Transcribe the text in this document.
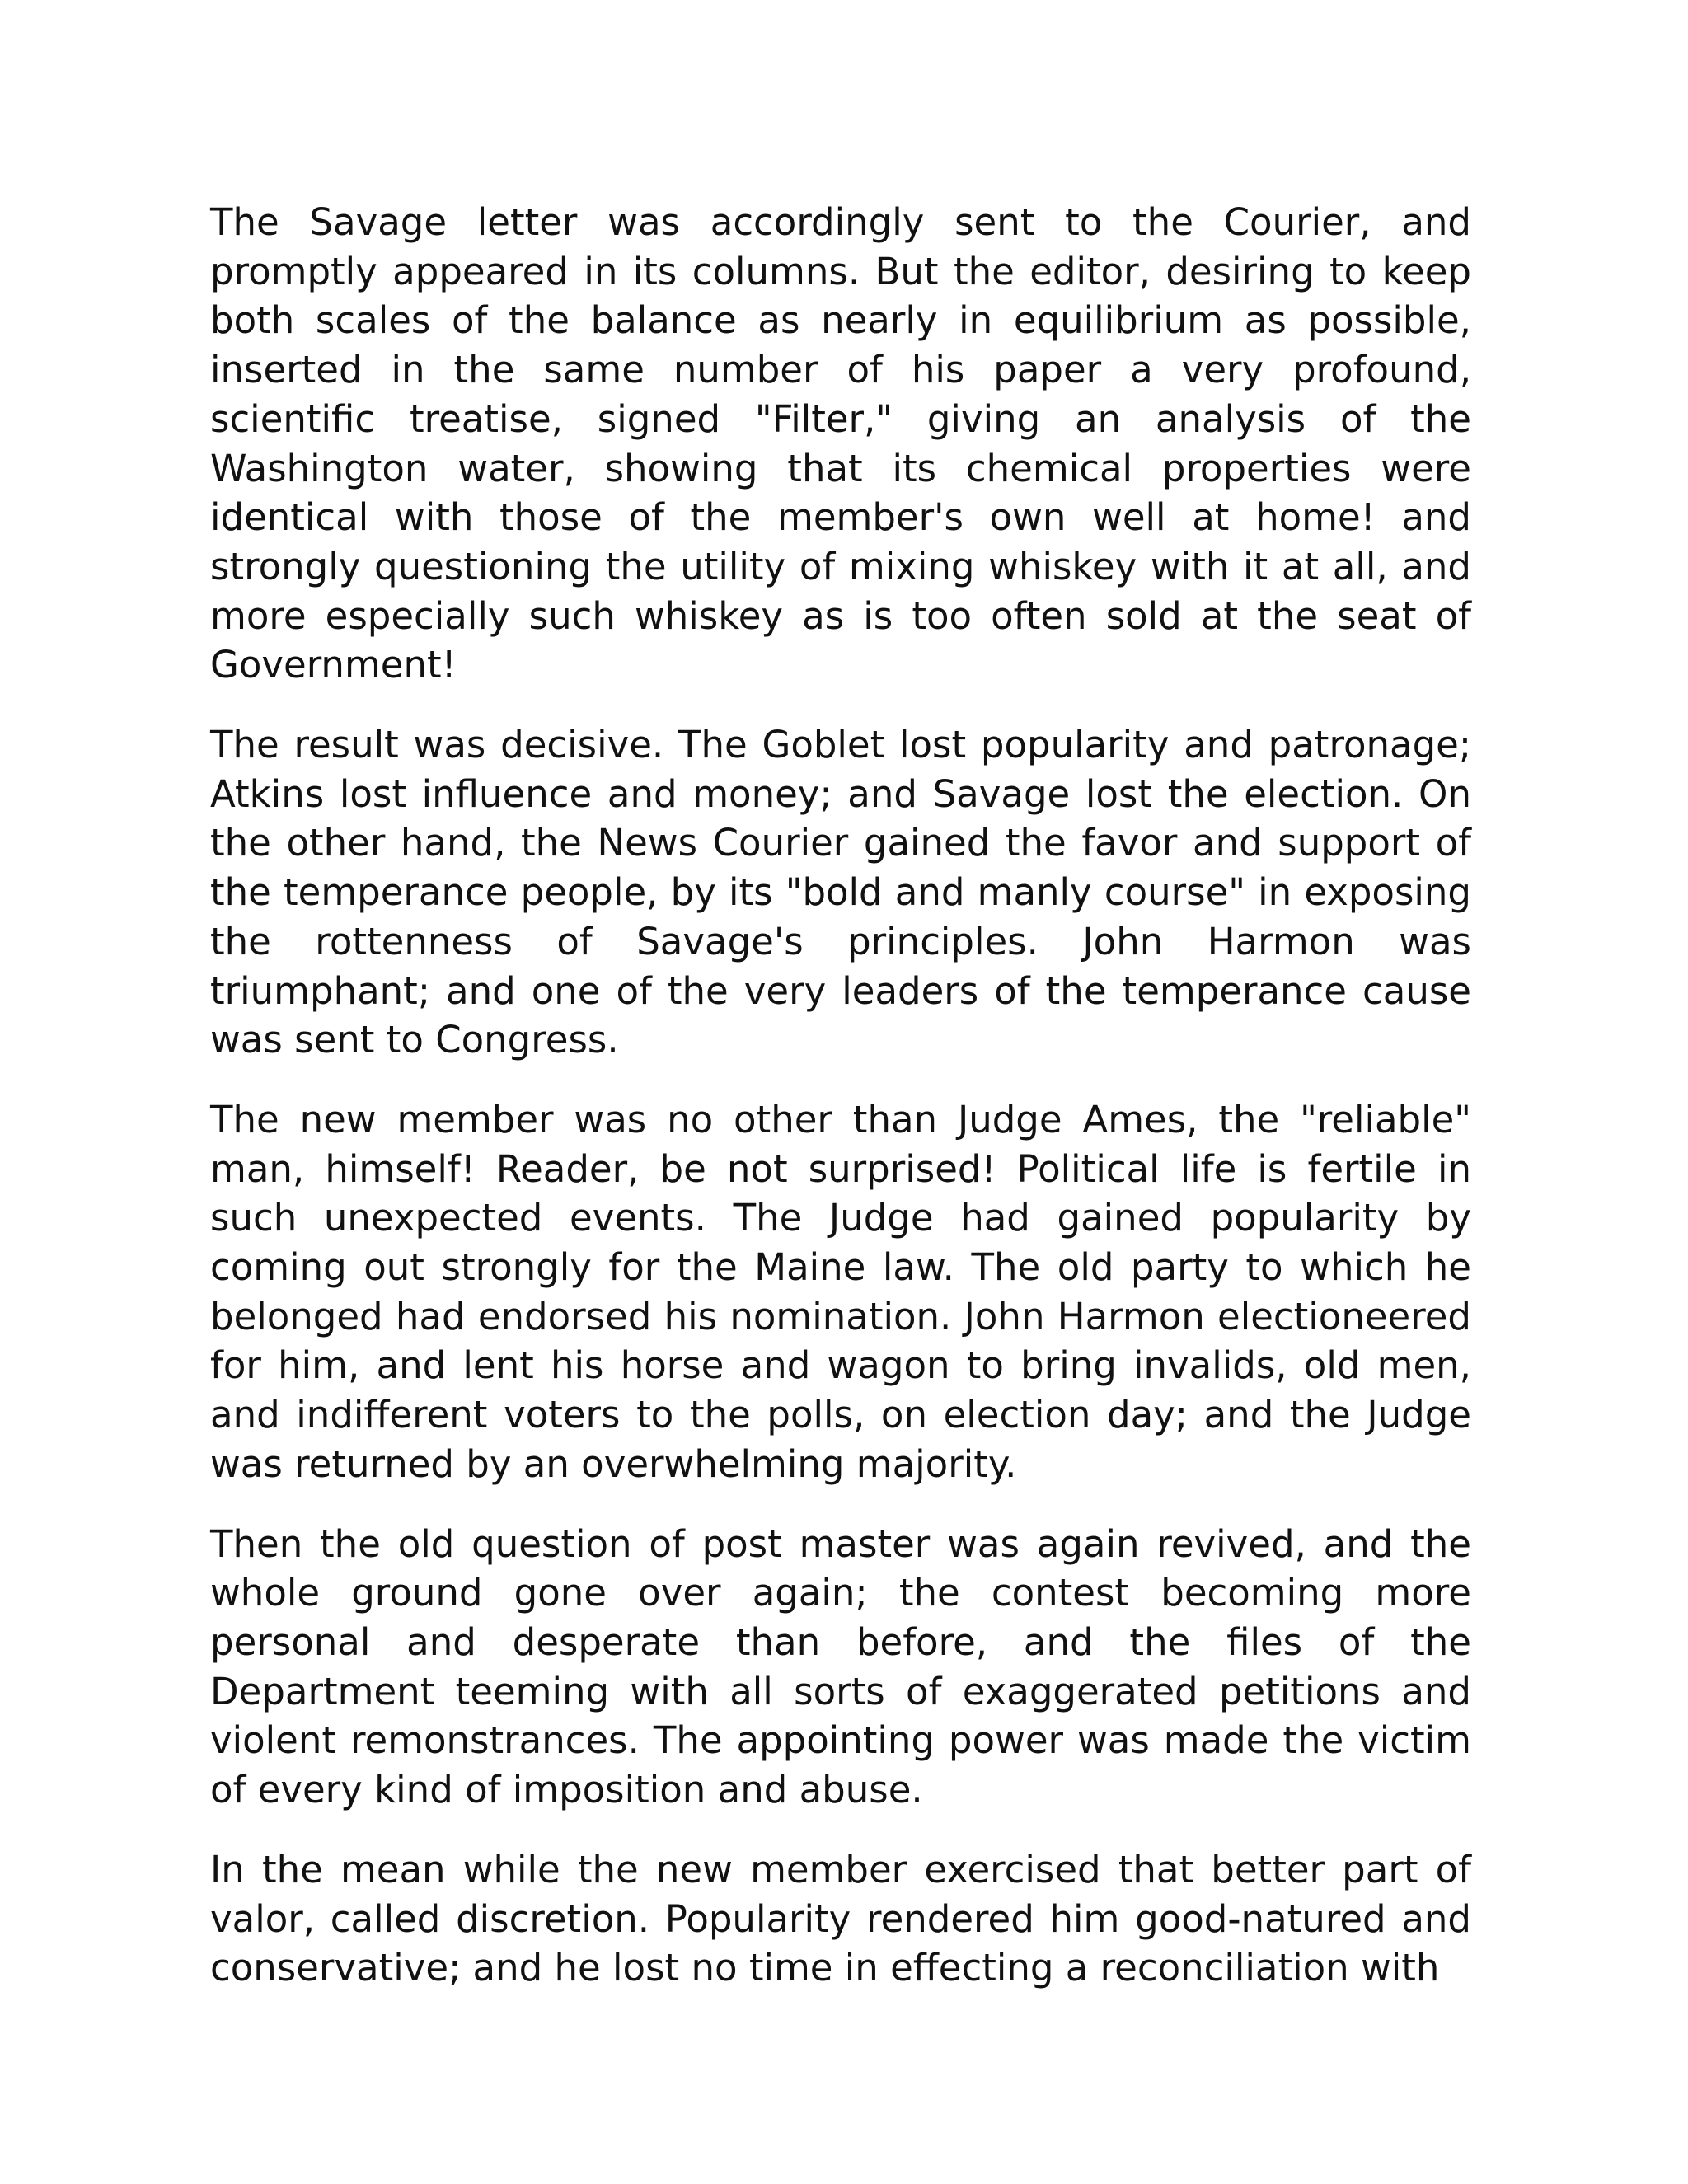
The Savage letter was accordingly sent to the Courier, and promptly appeared in its columns. But the editor, desiring to keep both scales of the balance as nearly in equilibrium as possible, inserted in the same number of his paper a very profound, scientific treatise, signed "Filter," giving an analysis of the Washington water, showing that its chemical properties were identical with those of the member's own well at home! and strongly questioning the utility of mixing whiskey with it at all, and more especially such whiskey as is too often sold at the seat of Government!

The result was decisive. The Goblet lost popularity and patronage; Atkins lost influence and money; and Savage lost the election. On the other hand, the News Courier gained the favor and support of the temperance people, by its "bold and manly course" in exposing the rottenness of Savage's principles. John Harmon was triumphant; and one of the very leaders of the temperance cause was sent to Congress.

The new member was no other than Judge Ames, the "reliable" man, himself! Reader, be not surprised! Political life is fertile in such unexpected events. The Judge had gained popularity by coming out strongly for the Maine law. The old party to which he belonged had endorsed his nomination. John Harmon electioneered for him, and lent his horse and wagon to bring invalids, old men, and indifferent voters to the polls, on election day; and the Judge was returned by an overwhelming majority.

Then the old question of post master was again revived, and the whole ground gone over again; the contest becoming more personal and desperate than before, and the files of the Department teeming with all sorts of exaggerated petitions and violent remonstrances. The appointing power was made the victim of every kind of imposition and abuse.

In the mean while the new member exercised that better part of valor, called discretion. Popularity rendered him good-natured and conservative; and he lost no time in effecting a reconciliation with
